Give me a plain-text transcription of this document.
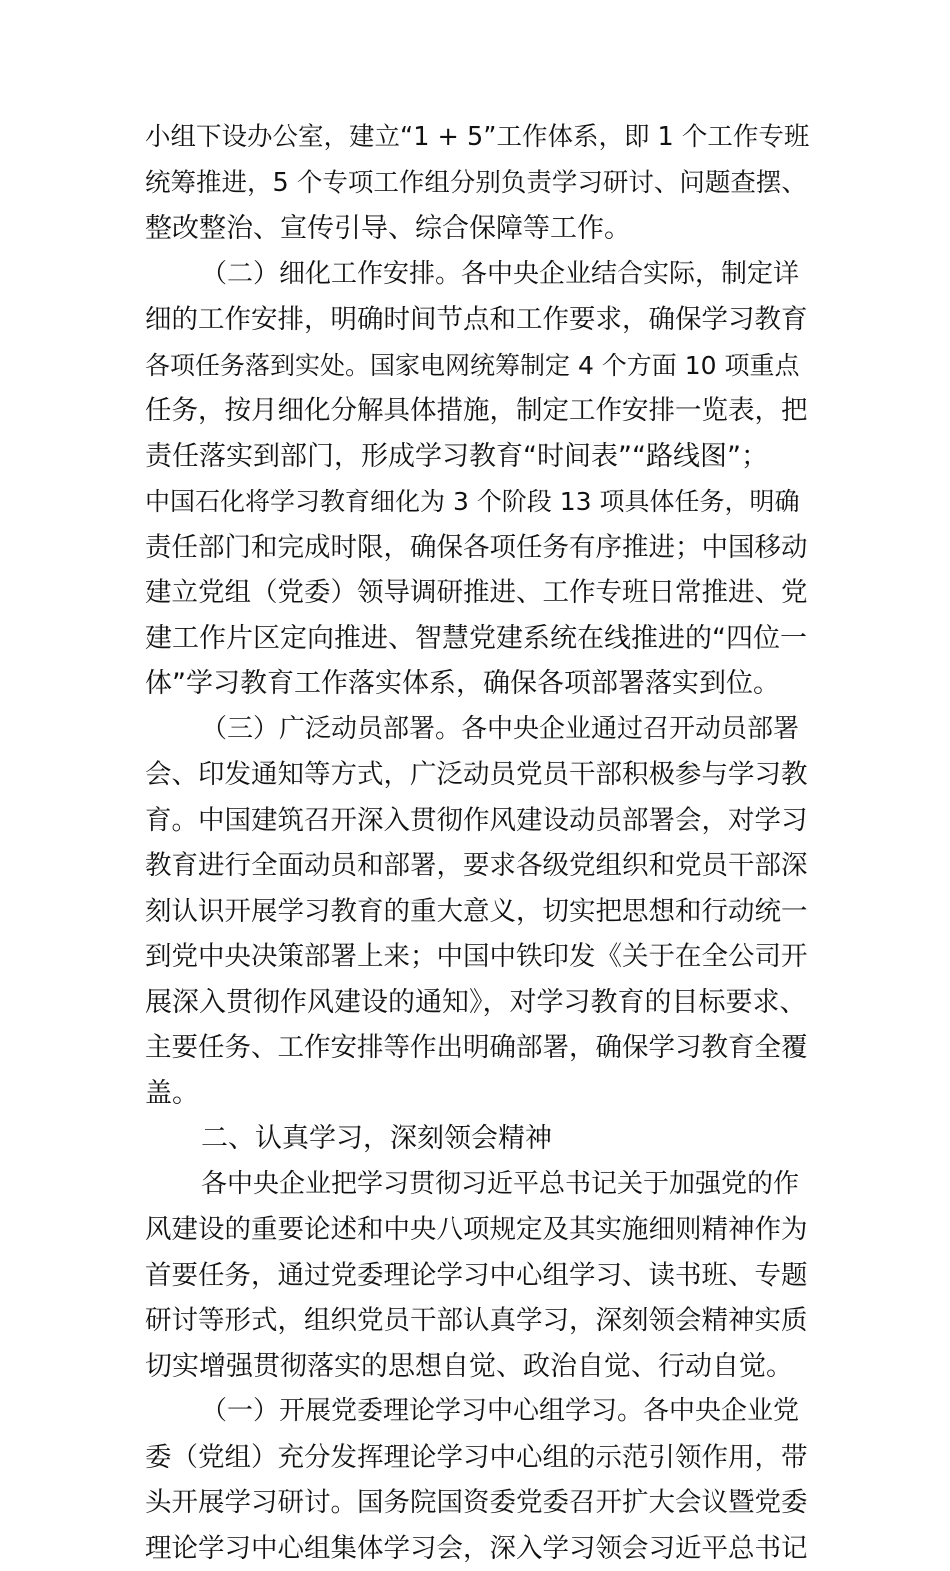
小组下设办公室，建立“1 + 5”工作体系，即 1 个工作专班
统筹推进，5 个专项工作组分别负责学习研讨、问题查摆、
整改整治、宣传引导、综合保障等工作。
（二）细化工作安排。各中央企业结合实际，制定详
细的工作安排，明确时间节点和工作要求，确保学习教育
各项任务落到实处。国家电网统筹制定 4 个方面 10 项重点
任务，按月细化分解具体措施，制定工作安排一览表，把
责任落实到部门，形成学习教育“时间表”“路线图”；
中国石化将学习教育细化为 3 个阶段 13 项具体任务，明确
责任部门和完成时限，确保各项任务有序推进；中国移动
建立党组（党委）领导调研推进、工作专班日常推进、党
建工作片区定向推进、智慧党建系统在线推进的“四位一
体”学习教育工作落实体系，确保各项部署落实到位。
（三）广泛动员部署。各中央企业通过召开动员部署
会、印发通知等方式，广泛动员党员干部积极参与学习教
育。中国建筑召开深入贯彻作风建设动员部署会，对学习
教育进行全面动员和部署，要求各级党组织和党员干部深
刻认识开展学习教育的重大意义，切实把思想和行动统一
到党中央决策部署上来；中国中铁印发《关于在全公司开
展深入贯彻作风建设的通知》，对学习教育的目标要求、
主要任务、工作安排等作出明确部署，确保学习教育全覆
盖。
二、认真学习，深刻领会精神
各中央企业把学习贯彻习近平总书记关于加强党的作
风建设的重要论述和中央八项规定及其实施细则精神作为
首要任务，通过党委理论学习中心组学习、读书班、专题
研讨等形式，组织党员干部认真学习，深刻领会精神实质
切实增强贯彻落实的思想自觉、政治自觉、行动自觉。
（一）开展党委理论学习中心组学习。各中央企业党
委（党组）充分发挥理论学习中心组的示范引领作用，带
头开展学习研讨。国务院国资委党委召开扩大会议暨党委
理论学习中心组集体学习会，深入学习领会习近平总书记
